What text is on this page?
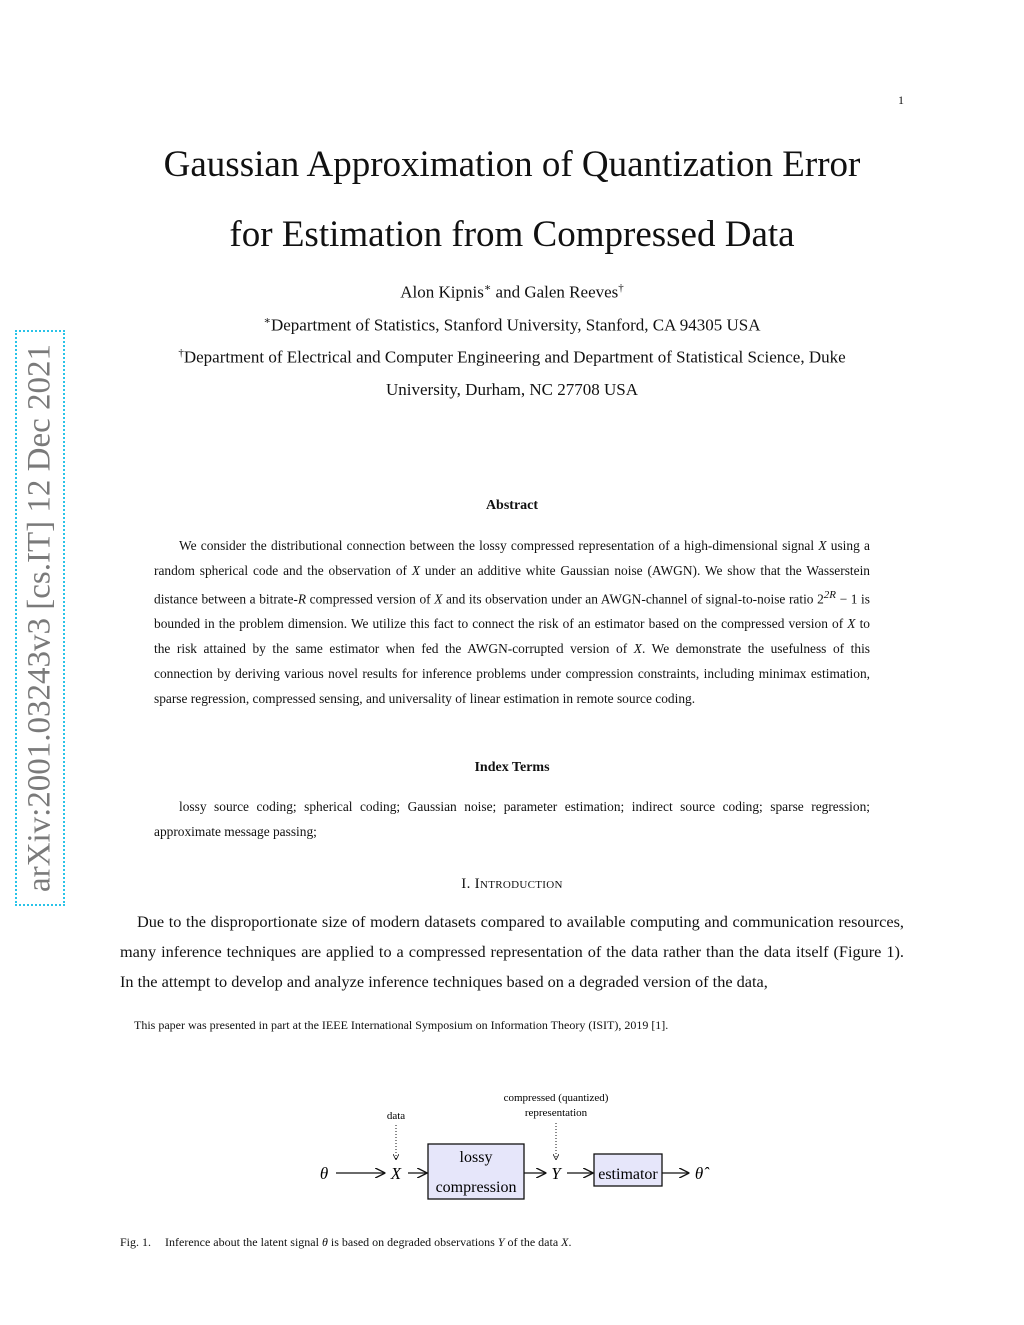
1
arXiv:2001.03243v3 [cs.IT] 12 Dec 2021
Gaussian Approximation of Quantization Error
for Estimation from Compressed Data
Alon Kipnis∗ and Galen Reeves†
∗Department of Statistics, Stanford University, Stanford, CA 94305 USA
†Department of Electrical and Computer Engineering and Department of Statistical Science, Duke
University, Durham, NC 27708 USA
Abstract
We consider the distributional connection between the lossy compressed representation of a high-dimensional signal X using a random spherical code and the observation of X under an additive white Gaussian noise (AWGN). We show that the Wasserstein distance between a bitrate-R compressed version of X and its observation under an AWGN-channel of signal-to-noise ratio $2^{2R} - 1$ is bounded in the problem dimension. We utilize this fact to connect the risk of an estimator based on the compressed version of X to the risk attained by the same estimator when fed the AWGN-corrupted version of X. We demonstrate the usefulness of this connection by deriving various novel results for inference problems under compression constraints, including minimax estimation, sparse regression, compressed sensing, and universality of linear estimation in remote source coding.
Index Terms
lossy source coding; spherical coding; Gaussian noise; parameter estimation; indirect source coding; sparse regression; approximate message passing;
I. Introduction
Due to the disproportionate size of modern datasets compared to available computing and communication resources, many inference techniques are applied to a compressed representation of the data rather than the data itself (Figure 1). In the attempt to develop and analyze inference techniques based on a degraded version of the data,
This paper was presented in part at the IEEE International Symposium on Information Theory (ISIT), 2019 [1].
data
compressed (quantized)
representation
θ	X
lossy
compression
Y estimator θ̂
Fig. 1. Inference about the latent signal θ is based on degraded observations Y of the data X.
